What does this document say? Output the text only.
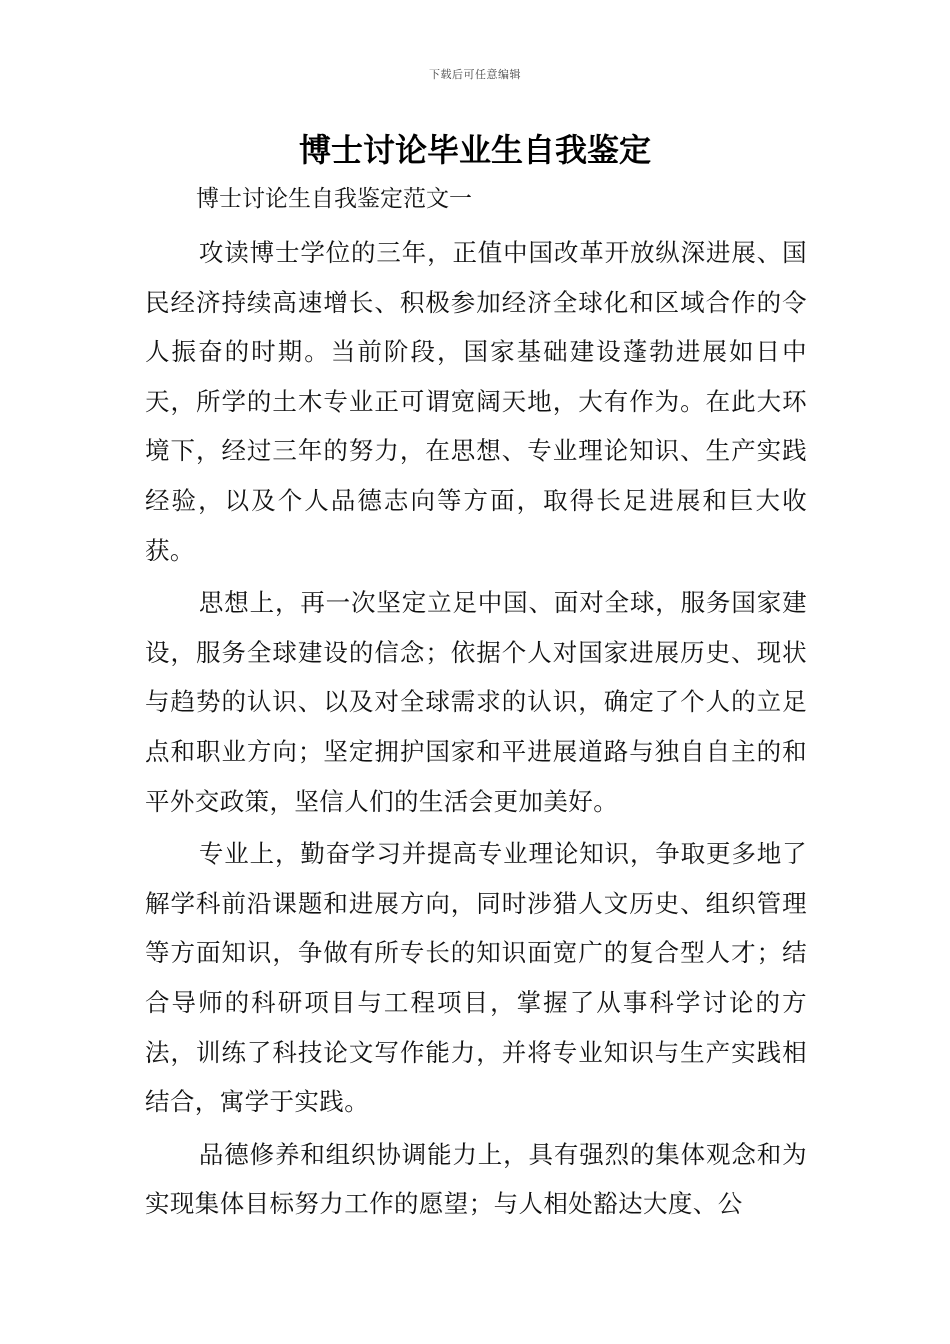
下载后可任意编辑
博士讨论毕业生自我鉴定
博士讨论生自我鉴定范文一

攻读博士学位的三年，正值中国改革开放纵深进展、国民经济持续高速增长、积极参加经济全球化和区域合作的令人振奋的时期。当前阶段，国家基础建设蓬勃进展如日中天，所学的土木专业正可谓宽阔天地，大有作为。在此大环境下，经过三年的努力，在思想、专业理论知识、生产实践经验，以及个人品德志向等方面，取得长足进展和巨大收获。

思想上，再一次坚定立足中国、面对全球，服务国家建设，服务全球建设的信念；依据个人对国家进展历史、现状与趋势的认识、以及对全球需求的认识，确定了个人的立足点和职业方向；坚定拥护国家和平进展道路与独自自主的和平外交政策，坚信人们的生活会更加美好。

专业上，勤奋学习并提高专业理论知识，争取更多地了解学科前沿课题和进展方向，同时涉猎人文历史、组织管理等方面知识，争做有所专长的知识面宽广的复合型人才；结合导师的科研项目与工程项目，掌握了从事科学讨论的方法，训练了科技论文写作能力，并将专业知识与生产实践相结合，寓学于实践。

品德修养和组织协调能力上，具有强烈的集体观念和为实现集体目标努力工作的愿望；与人相处豁达大度、公
